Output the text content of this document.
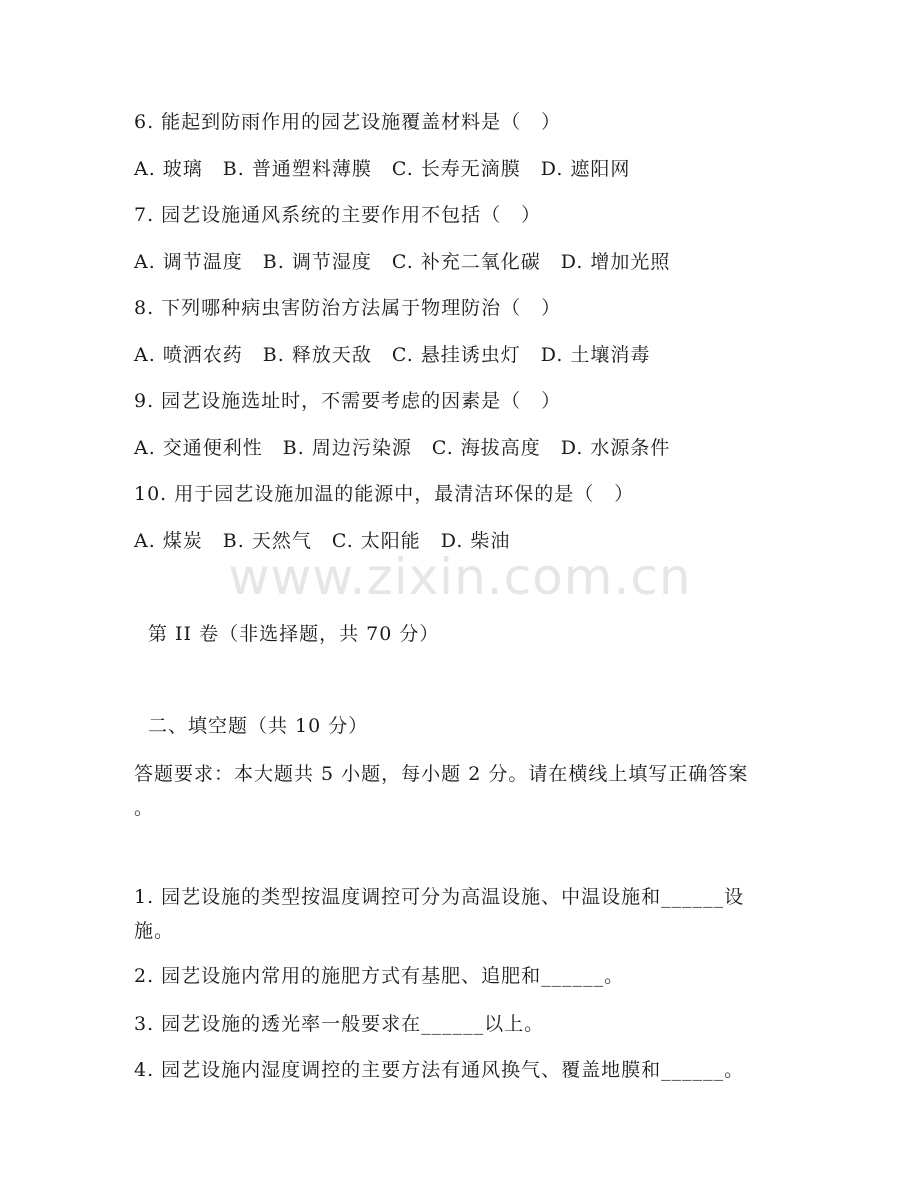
6. 能起到防雨作用的园艺设施覆盖材料是（　）
A. 玻璃　B. 普通塑料薄膜　C. 长寿无滴膜　D. 遮阳网
7. 园艺设施通风系统的主要作用不包括（　）
A. 调节温度　B. 调节湿度　C. 补充二氧化碳　D. 增加光照
8. 下列哪种病虫害防治方法属于物理防治（　）
A. 喷洒农药　B. 释放天敌　C. 悬挂诱虫灯　D. 土壤消毒
9. 园艺设施选址时，不需要考虑的因素是（　）
A. 交通便利性　B. 周边污染源　C. 海拔高度　D. 水源条件
10. 用于园艺设施加温的能源中，最清洁环保的是（　）
A. 煤炭　B. 天然气　C. 太阳能　D. 柴油
www.zixin.com.cn
第 II 卷（非选择题，共 70 分）
二、填空题（共 10 分）
答题要求：本大题共 5 小题，每小题 2 分。请在横线上填写正确答案
。
1. 园艺设施的类型按温度调控可分为高温设施、中温设施和______设
施。
2. 园艺设施内常用的施肥方式有基肥、追肥和______。
3. 园艺设施的透光率一般要求在______以上。
4. 园艺设施内湿度调控的主要方法有通风换气、覆盖地膜和______。
